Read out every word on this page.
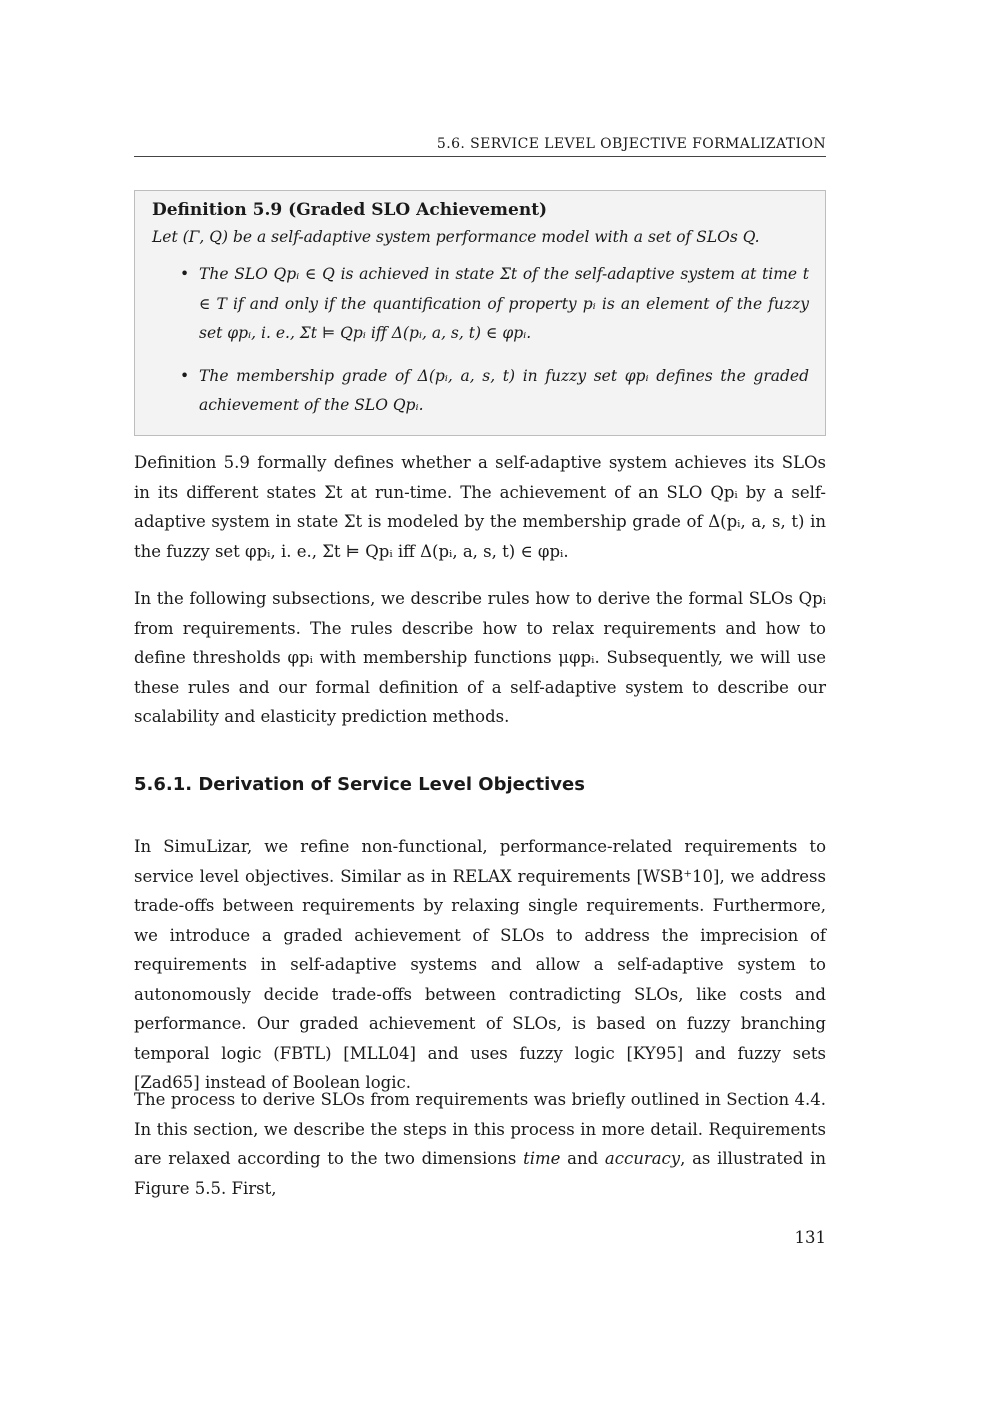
5.6. SERVICE LEVEL OBJECTIVE FORMALIZATION

Definition 5.9 (Graded SLO Achievement)

Let (Γ, Q) be a self-adaptive system performance model with a set of SLOs Q.

• The SLO Qpᵢ ∈ Q is achieved in state Σt of the self-adaptive system at time t ∈ T if and only if the quantification of property pᵢ is an element of the fuzzy set φpᵢ, i. e., Σt ⊨ Qpᵢ iff Δ(pᵢ, a, s, t) ∈ φpᵢ.
• The membership grade of Δ(pᵢ, a, s, t) in fuzzy set φpᵢ defines the graded achievement of the SLO Qpᵢ.

Definition 5.9 formally defines whether a self-adaptive system achieves its SLOs in its different states Σt at run-time. The achievement of an SLO Qpᵢ by a self-adaptive system in state Σt is modeled by the membership grade of Δ(pᵢ, a, s, t) in the fuzzy set φpᵢ, i. e., Σt ⊨ Qpᵢ iff Δ(pᵢ, a, s, t) ∈ φpᵢ.

In the following subsections, we describe rules how to derive the formal SLOs Qpᵢ from requirements. The rules describe how to relax requirements and how to define thresholds φpᵢ with membership functions μφpᵢ. Subsequently, we will use these rules and our formal definition of a self-adaptive system to describe our scalability and elasticity prediction methods.

5.6.1. Derivation of Service Level Objectives

In SimuLizar, we refine non-functional, performance-related requirements to service level objectives. Similar as in RELAX requirements [WSB⁺10], we address trade-offs between requirements by relaxing single requirements. Furthermore, we introduce a graded achievement of SLOs to address the imprecision of requirements in self-adaptive systems and allow a self-adaptive system to autonomously decide trade-offs between contradicting SLOs, like costs and performance. Our graded achievement of SLOs, is based on fuzzy branching temporal logic (FBTL) [MLL04] and uses fuzzy logic [KY95] and fuzzy sets [Zad65] instead of Boolean logic.

The process to derive SLOs from requirements was briefly outlined in Section 4.4. In this section, we describe the steps in this process in more detail. Requirements are relaxed according to the two dimensions time and accuracy, as illustrated in Figure 5.5. First,

131
